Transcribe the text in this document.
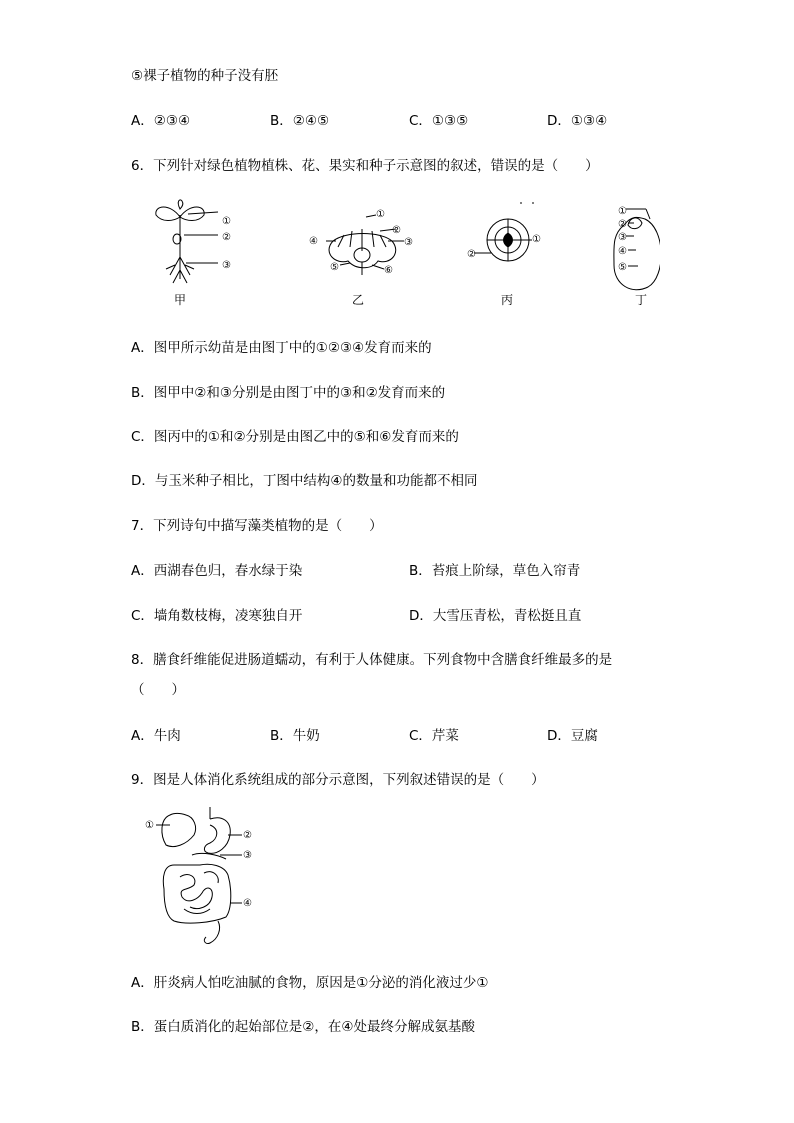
⑤裸子植物的种子没有胚
A．②③④	B．②④⑤	C．①③⑤	D．①③④
6．下列针对绿色植物植株、花、果实和种子示意图的叙述，错误的是（　　）
①
②
③
①
②
③
④
⑤	⑥
①
②
①
②
③
④
⑤
甲	乙	丙	丁
A．图甲所示幼苗是由图丁中的①②③④发育而来的
B．图甲中②和③分别是由图丁中的③和②发育而来的
C．图丙中的①和②分别是由图乙中的⑤和⑥发育而来的
D．与玉米种子相比，丁图中结构④的数量和功能都不相同
7．下列诗句中描写藻类植物的是（　　）
A．西湖春色归，春水绿于染	B．苔痕上阶绿，草色入帘青
C．墙角数枝梅，凌寒独自开	D．大雪压青松，青松挺且直
8．膳食纤维能促进肠道蠕动，有利于人体健康。下列食物中含膳食纤维最多的是
（　　）
A．牛肉	B．牛奶	C．芹菜	D．豆腐
9．图是人体消化系统组成的部分示意图，下列叙述错误的是（　　）
①
②
③
④
A．肝炎病人怕吃油腻的食物，原因是①分泌的消化液过少①
B．蛋白质消化的起始部位是②，在④处最终分解成氨基酸
